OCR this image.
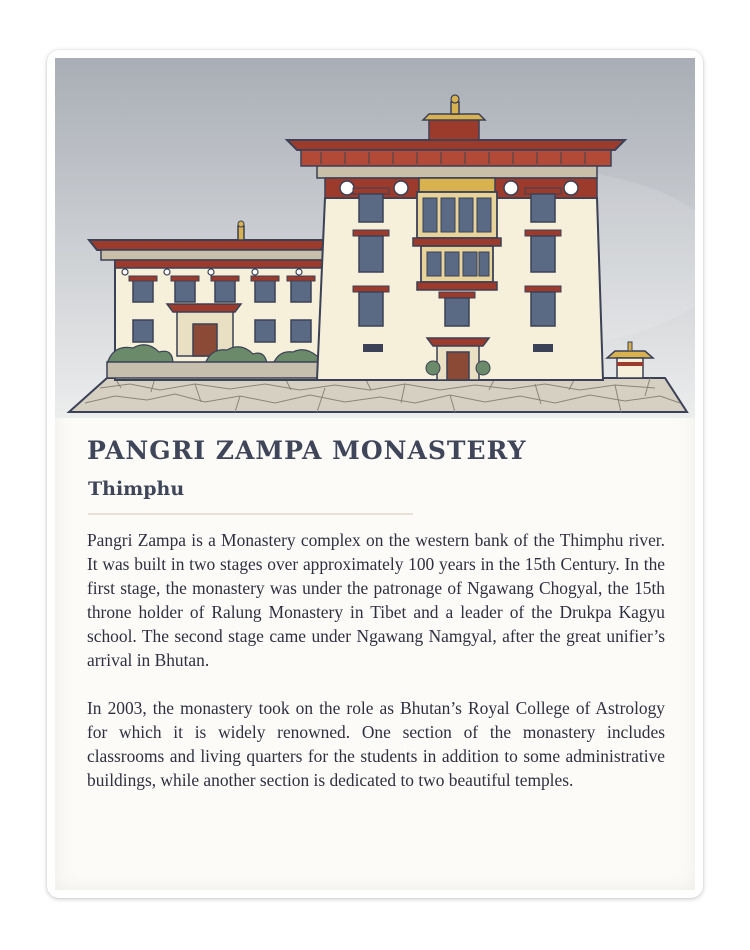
PANGRI ZAMPA MONASTERY
Thimphu

Pangri Zampa is a Monastery complex on the western bank of the Thimphu river. It was built in two stages over approximately 100 years in the 15th Century. In the first stage, the monastery was under the patronage of Ngawang Chogyal, the 15th throne holder of Ralung Monastery in Tibet and a leader of the Drukpa Kagyu school. The second stage came under Ngawang Namgyal, after the great unifier’s arrival in Bhutan.

In 2003, the monastery took on the role as Bhutan’s Royal College of Astrology for which it is widely renowned. One section of the monastery includes classrooms and living quarters for the students in addition to some administrative buildings, while another section is dedicated to two beautiful temples.
